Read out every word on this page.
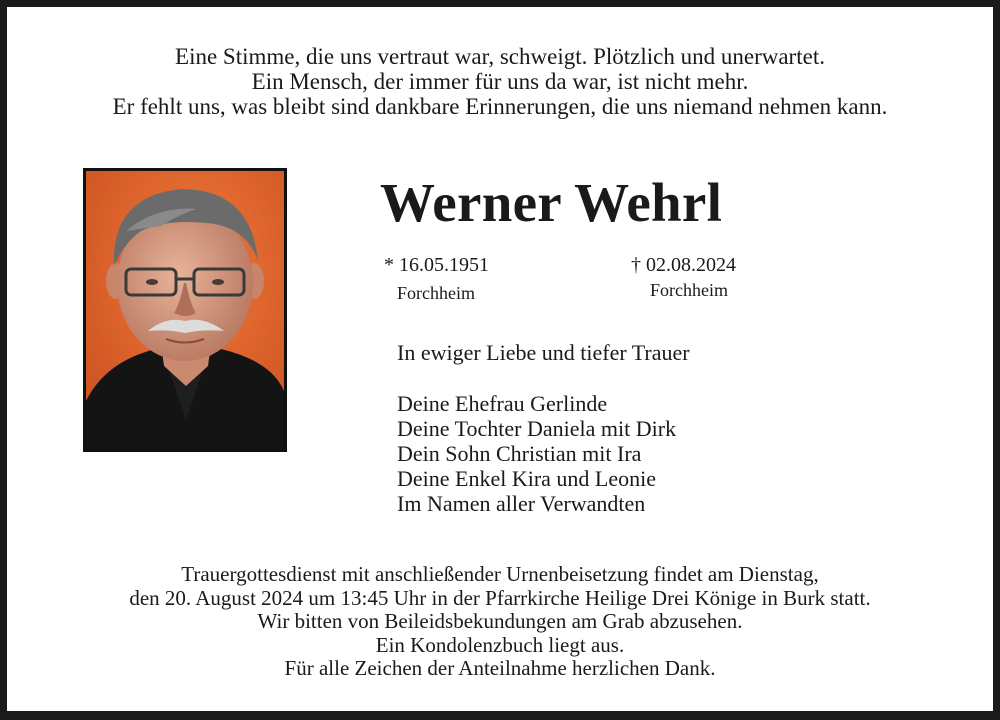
Eine Stimme, die uns vertraut war, schweigt. Plötzlich und unerwartet.
Ein Mensch, der immer für uns da war, ist nicht mehr.
Er fehlt uns, was bleibt sind dankbare Erinnerungen, die uns niemand nehmen kann.
Werner Wehrl
* 16.05.1951
Forchheim
† 02.08.2024
Forchheim
In ewiger Liebe und tiefer Trauer
Deine Ehefrau Gerlinde
Deine Tochter Daniela mit Dirk
Dein Sohn Christian mit Ira
Deine Enkel Kira und Leonie
Im Namen aller Verwandten
Trauergottesdienst mit anschließender Urnenbeisetzung findet am Dienstag,
den 20. August 2024 um 13:45 Uhr in der Pfarrkirche Heilige Drei Könige in Burk statt.
Wir bitten von Beileidsbekundungen am Grab abzusehen.
Ein Kondolenzbuch liegt aus.
Für alle Zeichen der Anteilnahme herzlichen Dank.
